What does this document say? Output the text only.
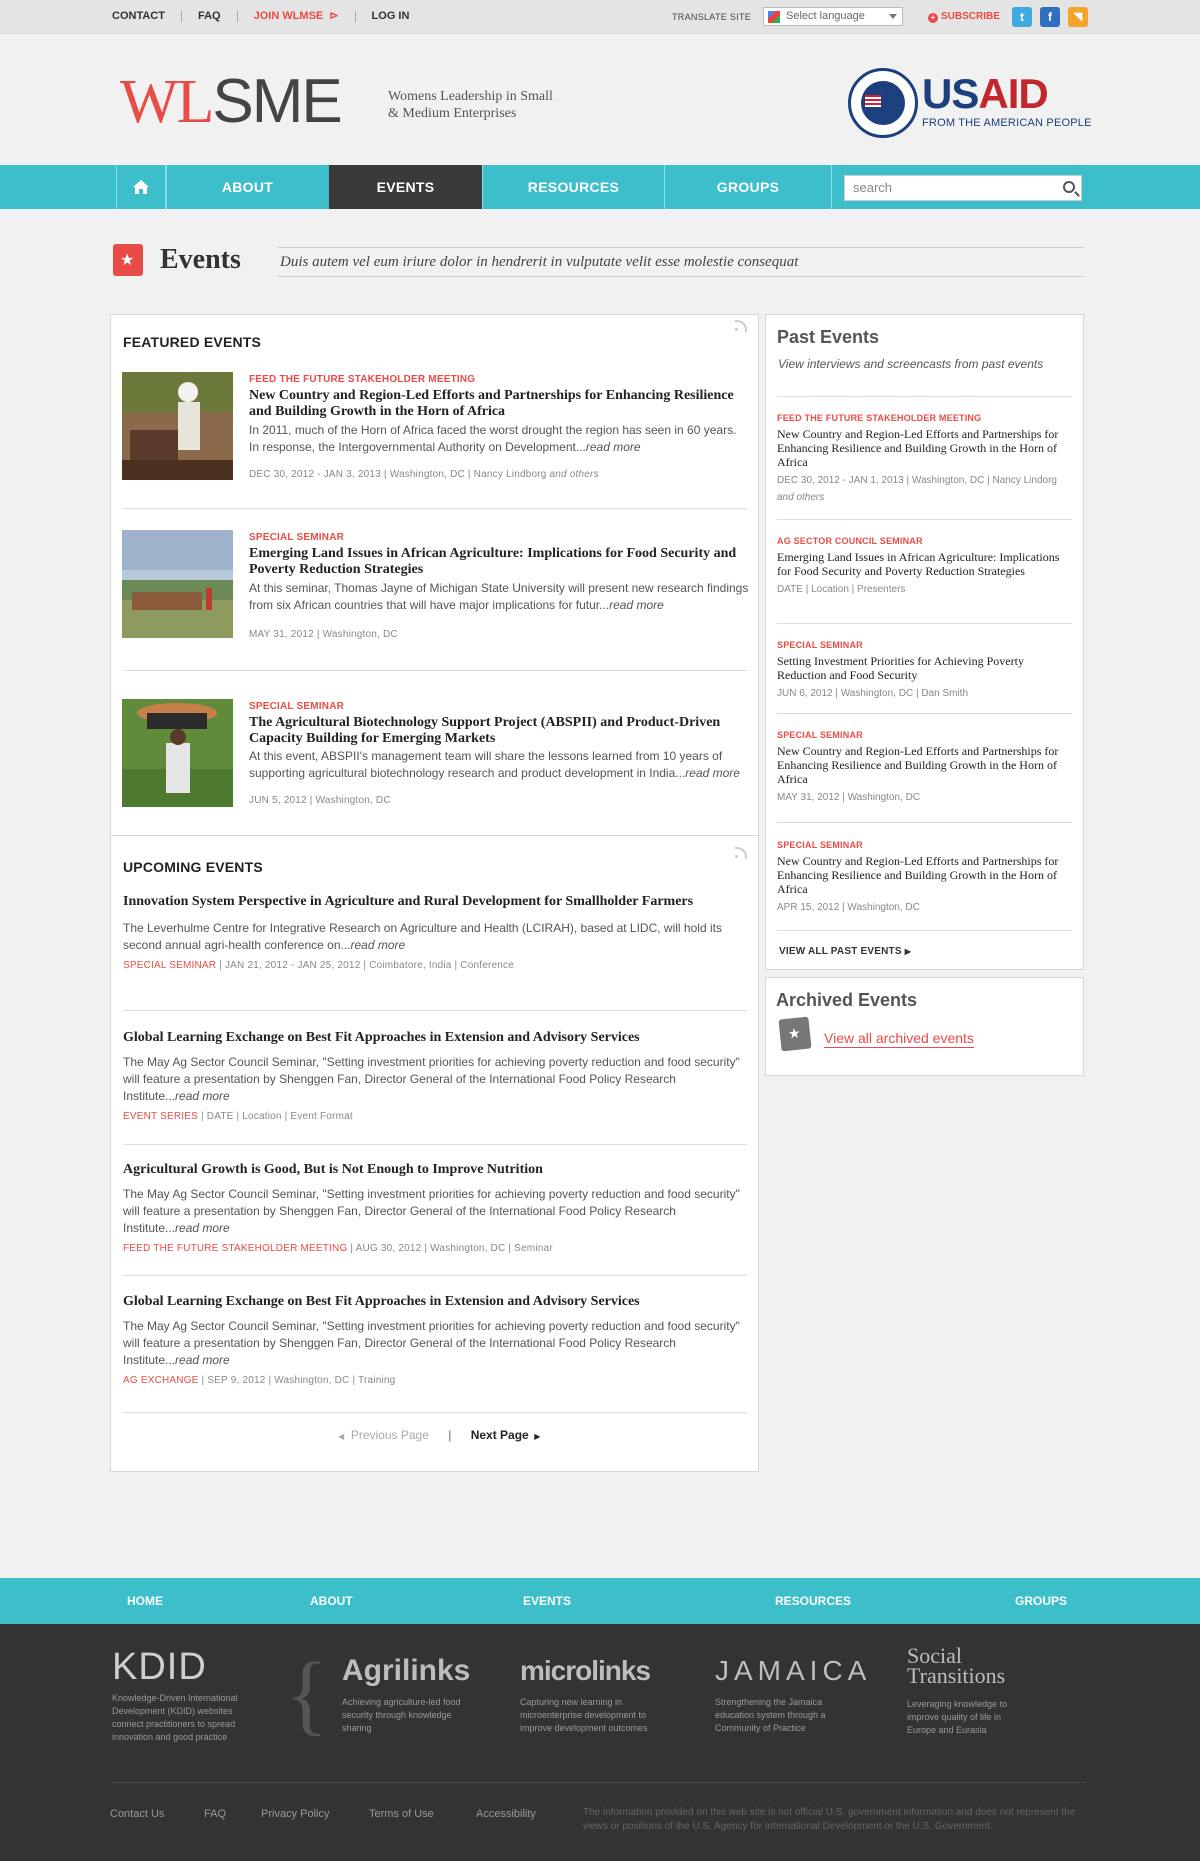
CONTACT	FAQ	JOIN WLMSE ⊳	LOG IN	TRANSLATE SITE	Select language	+ SUBSCRIBE	t	f	◥
WLSME	Womens Leadership in Small
& Medium Enterprises	USAID
FROM THE AMERICAN PEOPLE
ABOUT	EVENTS	RESOURCES	GROUPS	search
★
Events	Duis autem vel eum iriure dolor in hendrerit in vulputate velit esse molestie consequat
FEATURED EVENTS
FEED THE FUTURE STAKEHOLDER MEETING
New Country and Region-Led Efforts and Partnerships for Enhancing Resilience and Building Growth in the Horn of Africa
In 2011, much of the Horn of Africa faced the worst drought the region has seen in 60 years. In response, the Intergovernmental Authority on Development...read more
DEC 30, 2012 - JAN 3, 2013 | Washington, DC | Nancy Lindborg and others
SPECIAL SEMINAR
Emerging Land Issues in African Agriculture: Implications for Food Security and Poverty Reduction Strategies
At this seminar, Thomas Jayne of Michigan State University will present new research findings from six African countries that will have major implications for futur...read more
MAY 31, 2012 | Washington, DC
SPECIAL SEMINAR
The Agricultural Biotechnology Support Project (ABSPII) and Product-Driven Capacity Building for Emerging Markets
At this event, ABSPII's management team will share the lessons learned from 10 years of supporting agricultural biotechnology research and product development in India...read more
JUN 5, 2012 | Washington, DC
UPCOMING EVENTS
Innovation System Perspective in Agriculture and Rural Development for Smallholder Farmers
The Leverhulme Centre for Integrative Research on Agriculture and Health (LCIRAH), based at LIDC, will hold its second annual agri-health conference on...read more
SPECIAL SEMINAR | JAN 21, 2012 - JAN 25, 2012 | Coimbatore, India | Conference
Global Learning Exchange on Best Fit Approaches in Extension and Advisory Services
The May Ag Sector Council Seminar, "Setting investment priorities for achieving poverty reduction and food security" will feature a presentation by Shenggen Fan, Director General of the International Food Policy Research Institute...read more
EVENT SERIES | DATE | Location | Event Format
Agricultural Growth is Good, But is Not Enough to Improve Nutrition
The May Ag Sector Council Seminar, "Setting investment priorities for achieving poverty reduction and food security" will feature a presentation by Shenggen Fan, Director General of the International Food Policy Research Institute...read more
FEED THE FUTURE STAKEHOLDER MEETING | AUG 30, 2012 | Washington, DC | Seminar
Global Learning Exchange on Best Fit Approaches in Extension and Advisory Services
The May Ag Sector Council Seminar, "Setting investment priorities for achieving poverty reduction and food security" will feature a presentation by Shenggen Fan, Director General of the International Food Policy Research Institute...read more
AG EXCHANGE | SEP 9, 2012 | Washington, DC | Training
◀ Previous Page | Next Page  ▶
Past Events
View interviews and screencasts from past events
FEED THE FUTURE STAKEHOLDER MEETING
New Country and Region-Led Efforts and Partnerships for Enhancing Resilience and Building Growth in the Horn of Africa
DEC 30, 2012 - JAN 1, 2013 | Washington, DC | Nancy Lindorg and others
AG SECTOR COUNCIL SEMINAR
Emerging Land Issues in African Agriculture: Implications for Food Security and Poverty Reduction Strategies
DATE | Location | Presenters
SPECIAL SEMINAR
Setting Investment Priorities for Achieving Poverty Reduction and Food Security
JUN 6, 2012 | Washington, DC | Dan Smith
SPECIAL SEMINAR
New Country and Region-Led Efforts and Partnerships for Enhancing Resilience and Building Growth in the Horn of Africa
MAY 31, 2012 | Washington, DC
SPECIAL SEMINAR
New Country and Region-Led Efforts and Partnerships for Enhancing Resilience and Building Growth in the Horn of Africa
APR 15, 2012 | Washington, DC
VIEW ALL PAST EVENTS ▶
Archived Events
★
View all archived events
HOME	ABOUT	EVENTS	RESOURCES	GROUPS
KDID
Knowledge-Driven International Development (KDID) websites connect practitioners to spread innovation and good practice { Agrilinks
Achieving agriculture-led food security through knowledge sharing
microlinks
Capturing new learning in microenterprise development to improve development outcomes
JAMAICA
Strengthening the Jamaica education system through a Community of Practice
Social Transitions
Leveraging knowledge to improve quality of life in Europe and Eurasia
Contact Us	FAQ	Privacy Policy	Terms of Use	Accessibility	The information provided on this web site is not official U.S. government information and does not represent the views or positions of the U.S. Agency for International Development or the U.S. Government.
